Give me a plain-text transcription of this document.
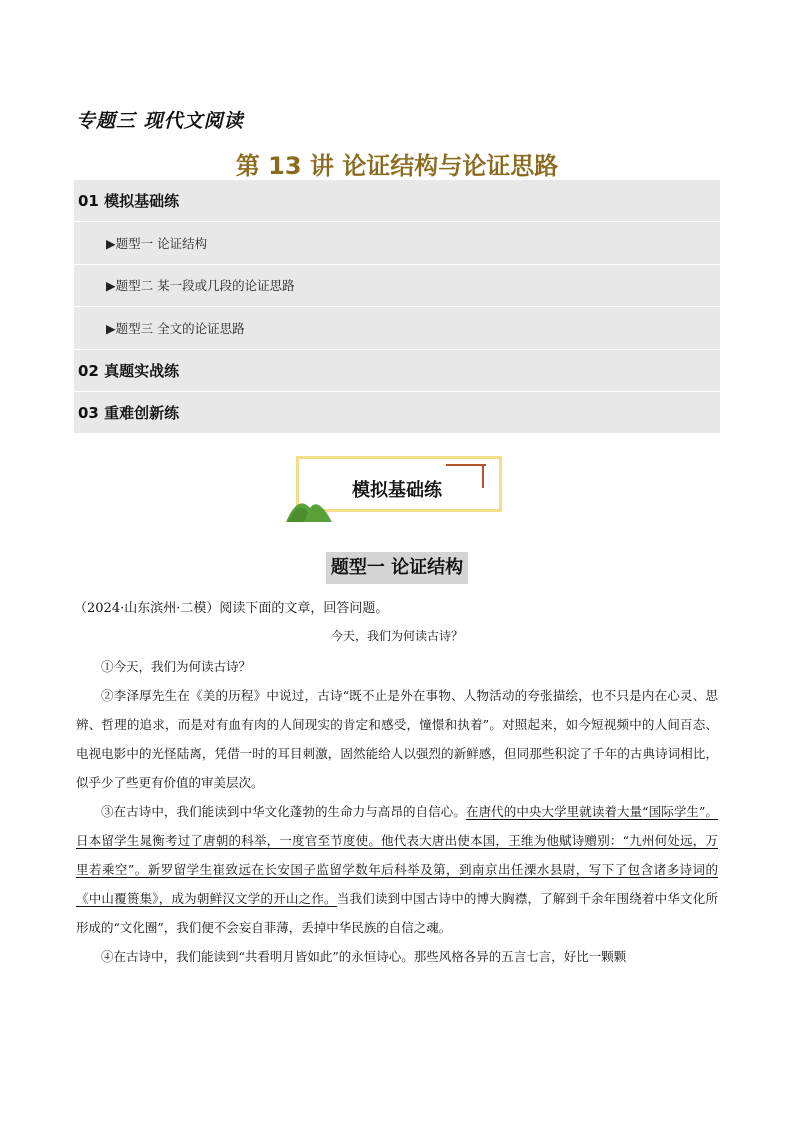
专题三 现代文阅读
第 13 讲 论证结构与论证思路
01 模拟基础练
▶题型一 论证结构
▶题型二 某一段或几段的论证思路
▶题型三 全文的论证思路
02 真题实战练
03 重难创新练
模拟基础练
题型一 论证结构
（2024·山东滨州·二模）阅读下面的文章，回答问题。
今天，我们为何读古诗？

①今天，我们为何读古诗？

②李泽厚先生在《美的历程》中说过，古诗“既不止是外在事物、人物活动的夸张描绘，也不只是内在心灵、思辨、哲理的追求，而是对有血有肉的人间现实的肯定和感受，憧憬和执着”。对照起来，如今短视频中的人间百态、电视电影中的光怪陆离，凭借一时的耳目刺激，固然能给人以强烈的新鲜感，但同那些积淀了千年的古典诗词相比，似乎少了些更有价值的审美层次。

③在古诗中，我们能读到中华文化蓬勃的生命力与高昂的自信心。在唐代的中央大学里就读着大量“国际学生”。日本留学生晁衡考过了唐朝的科举，一度官至节度使。他代表大唐出使本国，王维为他赋诗赠别：“九州何处远，万里若乘空”。新罗留学生崔致远在长安国子监留学数年后科举及第，到南京出任溧水县尉，写下了包含诸多诗词的《中山覆篑集》，成为朝鲜汉文学的开山之作。当我们读到中国古诗中的博大胸襟，了解到千余年围绕着中华文化所形成的“文化圈”，我们便不会妄自菲薄，丢掉中华民族的自信之魂。

④在古诗中，我们能读到“共看明月皆如此”的永恒诗心。那些风格各异的五言七言，好比一颗颗
